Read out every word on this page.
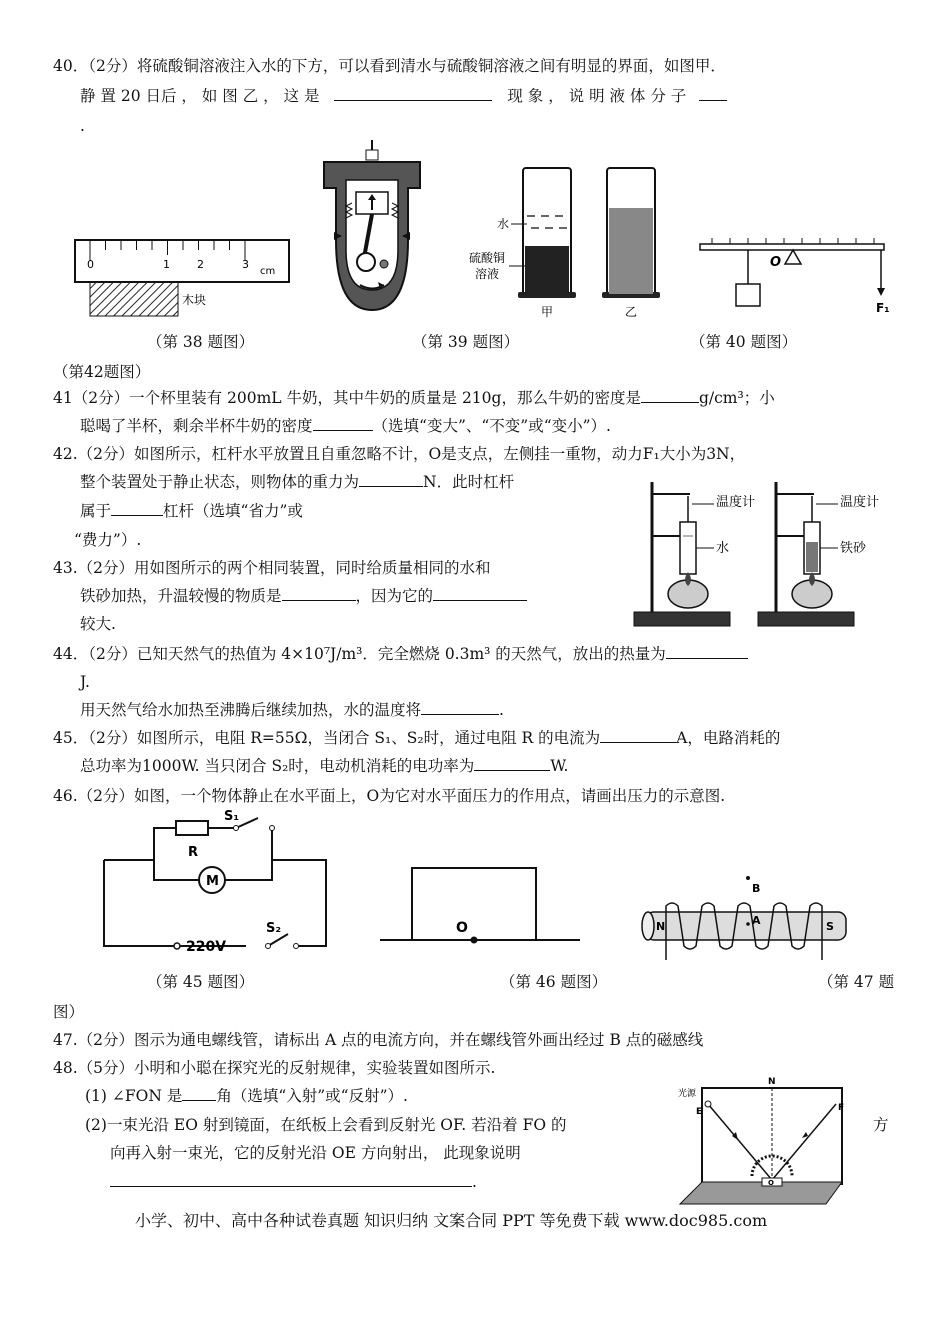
40．（2分）将硫酸铜溶液注入水的下方，可以看到清水与硫酸铜溶液之间有明显的界面，如图甲．
静 置 20 日后 ， 如 图 乙 ， 这 是	现 象 ， 说 明 液 体 分 子
.
0	1 2	3
cm
木块
水
硫酸铜
溶液
甲	乙
O
F₁
（第 38 题图）	（第 39 题图）	（第 40 题图）
（第42题图）
41（2分）一个杯里装有 200mL 牛奶，其中牛奶的质量是 210g，那么牛奶的密度是	g/cm³；小
聪喝了半杯，剩余半杯牛奶的密度	（选填“变大”、“不变”或“变小”）.
42.（2分）如图所示，杠杆水平放置且自重忽略不计，O是支点，左侧挂一重物，动力F₁大小为3N，
整个装置处于静止状态，则物体的重力为	N．此时杠杆
属于	杠杆（选填“省力”或
“费力”）.
温度计
水
温度计
铁砂
43.（2分）用如图所示的两个相同装置，同时给质量相同的水和
铁砂加热，升温较慢的物质是	，因为它的
较大.
44．（2分）已知天然气的热值为 4×10⁷J/m³．完全燃烧 0.3m³ 的天然气，放出的热量为
J.
用天然气给水加热至沸腾后继续加热，水的温度将	.
45．（2分）如图所示，电阻 R=55Ω，当闭合 S₁、S₂时，通过电阻 R 的电流为	A，电路消耗的
总功率为1000W. 当只闭合 S₂时，电动机消耗的电功率为	W.
46.（2分）如图，一个物体静止在水平面上，O为它对水平面压力的作用点，请画出压力的示意图.
S₁
R
M
220V
S₂	O
B
N	S
A
（第 45 题图）	（第 46 题图）	（第 47 题
图）
47.（2分）图示为通电螺线管，请标出 A 点的电流方向，并在螺线管外画出经过 B 点的磁感线
48.（5分）小明和小聪在探究光的反射规律，实验装置如图所示.
(1) ∠FON 是 角（选填“入射”或“反射”）.
(2)一束光沿 EO 射到镜面，在纸板上会看到反射光 OF. 若沿着 FO 的	方
向再入射一束光，它的反射光沿 OE 方向射出， 此现象说明
.
N
光源
E	F
O
小学、初中、高中各种试卷真题 知识归纳 文案合同 PPT 等免费下载 www.doc985.com
